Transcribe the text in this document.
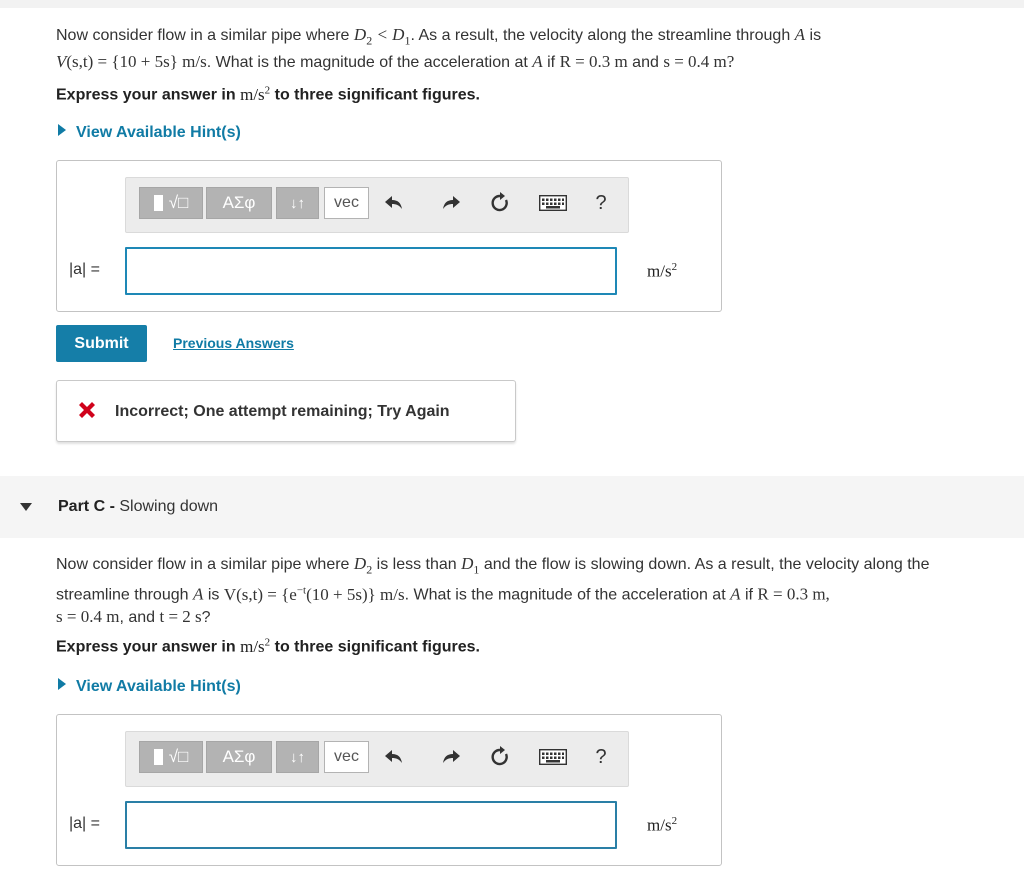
Now consider flow in a similar pipe where $D_2 < D_1$. As a result, the velocity along the streamline through A is
V(s,t) = {10 + 5s} m/s. What is the magnitude of the acceleration at A if R = 0.3 m and s = 0.4 m?
Express your answer in $m/s^2$ to three significant figures.
View Available Hint(s)
√□	ΑΣφ	↓↑	vec	?
|a| =	$m/s^2$
Submit	Previous Answers
Incorrect; One attempt remaining; Try Again
Part C - Slowing down
Now consider flow in a similar pipe where $D_2$ is less than $D_1$ and the flow is slowing down. As a result, the velocity along the
streamline through A is $V(s,t) = \{e^{-t}(10 + 5s)\}$ m/s. What is the magnitude of the acceleration at A if R = 0.3 m,
s = 0.4 m, and t = 2 s?
Express your answer in $m/s^2$ to three significant figures.
View Available Hint(s)
√□	ΑΣφ	↓↑	vec	?
|a| =	$m/s^2$
